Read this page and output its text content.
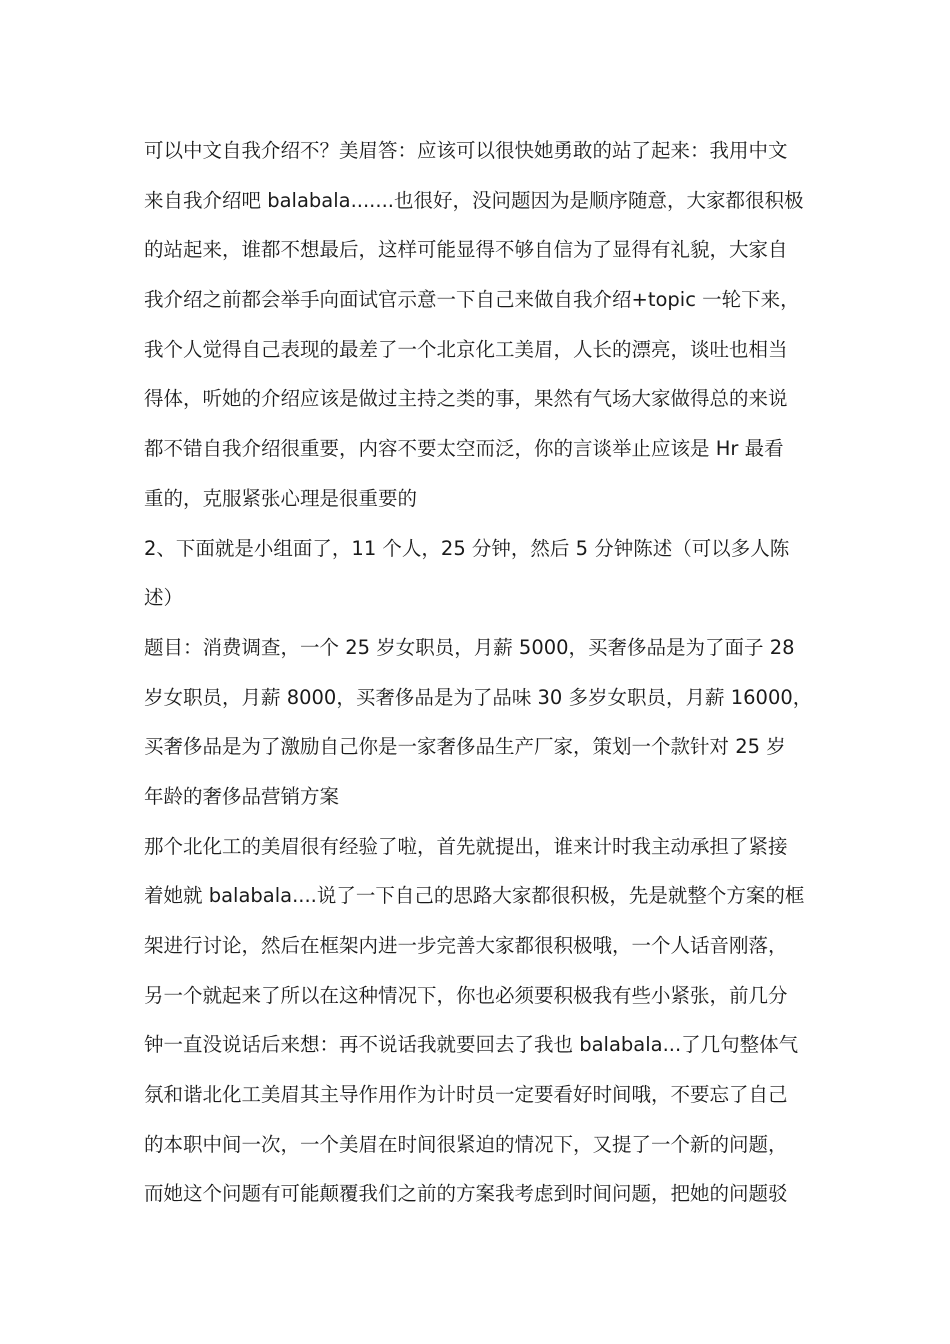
可以中文自我介绍不？美眉答：应该可以很快她勇敢的站了起来：我用中文
来自我介绍吧 balabala.......也很好，没问题因为是顺序随意，大家都很积极
的站起来，谁都不想最后，这样可能显得不够自信为了显得有礼貌，大家自
我介绍之前都会举手向面试官示意一下自己来做自我介绍+topic 一轮下来，
我个人觉得自己表现的最差了一个北京化工美眉，人长的漂亮，谈吐也相当
得体，听她的介绍应该是做过主持之类的事，果然有气场大家做得总的来说
都不错自我介绍很重要，内容不要太空而泛，你的言谈举止应该是 Hr 最看
重的，克服紧张心理是很重要的
2、下面就是小组面了，11 个人，25 分钟，然后 5 分钟陈述（可以多人陈
述）
题目：消费调查，一个 25 岁女职员，月薪 5000，买奢侈品是为了面子 28
岁女职员，月薪 8000，买奢侈品是为了品味 30 多岁女职员，月薪 16000，
买奢侈品是为了激励自己你是一家奢侈品生产厂家，策划一个款针对 25 岁
年龄的奢侈品营销方案
那个北化工的美眉很有经验了啦，首先就提出，谁来计时我主动承担了紧接
着她就 balabala....说了一下自己的思路大家都很积极，先是就整个方案的框
架进行讨论，然后在框架内进一步完善大家都很积极哦，一个人话音刚落，
另一个就起来了所以在这种情况下，你也必须要积极我有些小紧张，前几分
钟一直没说话后来想：再不说话我就要回去了我也 balabala...了几句整体气
氛和谐北化工美眉其主导作用作为计时员一定要看好时间哦，不要忘了自己
的本职中间一次，一个美眉在时间很紧迫的情况下，又提了一个新的问题，
而她这个问题有可能颠覆我们之前的方案我考虑到时间问题，把她的问题驳
